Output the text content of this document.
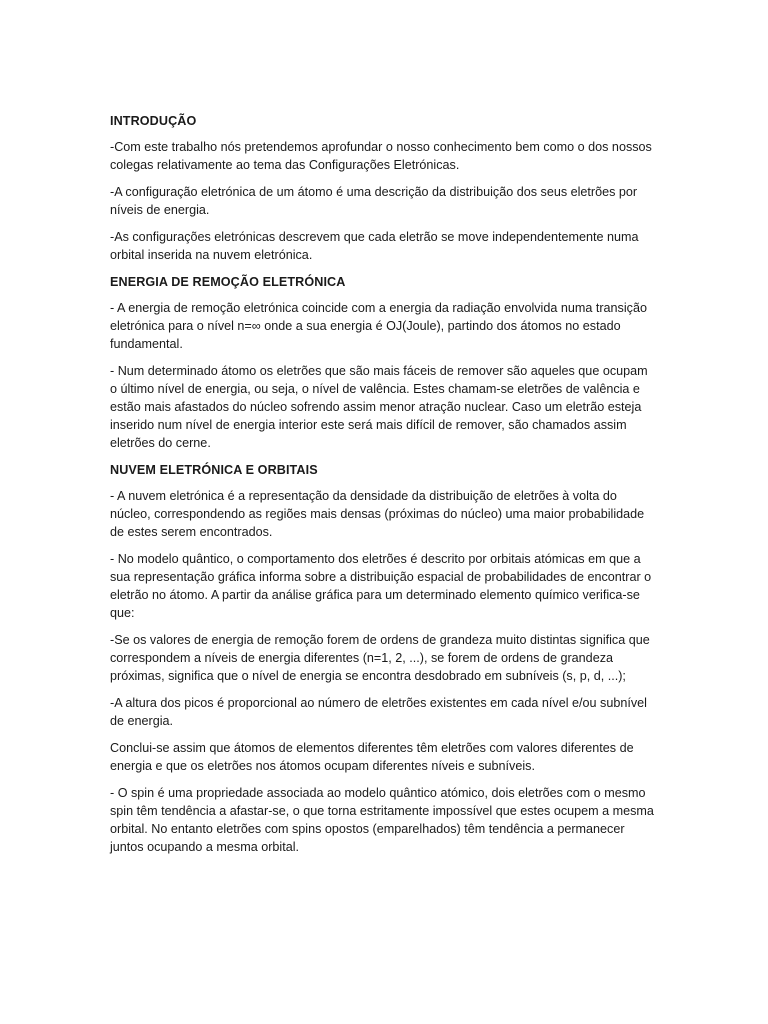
INTRODUÇÃO

-Com este trabalho nós pretendemos aprofundar o nosso conhecimento bem como o dos nossos colegas relativamente ao tema das Configurações Eletrónicas.

-A configuração eletrónica de um átomo é uma descrição da distribuição dos seus eletrões por níveis de energia.

-As configurações eletrónicas descrevem que cada eletrão se move independentemente numa orbital inserida na nuvem eletrónica.

ENERGIA DE REMOÇÃO ELETRÓNICA

- A energia de remoção eletrónica coincide com a energia da radiação envolvida numa transição eletrónica para o nível n=∞ onde a sua energia é OJ(Joule), partindo dos átomos no estado fundamental.

- Num determinado átomo os eletrões que são mais fáceis de remover são aqueles que ocupam o último nível de energia, ou seja, o nível de valência. Estes chamam-se eletrões de valência e estão mais afastados do núcleo sofrendo assim menor atração nuclear. Caso um eletrão esteja inserido num nível de energia interior este será mais difícil de remover, são chamados assim eletrões do cerne.

NUVEM ELETRÓNICA E ORBITAIS

- A nuvem eletrónica é a representação da densidade da distribuição de eletrões à volta do núcleo, correspondendo as regiões mais densas (próximas do núcleo) uma maior probabilidade de estes serem encontrados.

- No modelo quântico, o comportamento dos eletrões é descrito por orbitais atómicas em que a sua representação gráfica informa sobre a distribuição espacial de probabilidades de encontrar o eletrão no átomo. A partir da análise gráfica para um determinado elemento químico verifica-se que:

-Se os valores de energia de remoção forem de ordens de grandeza muito distintas significa que correspondem a níveis de energia diferentes (n=1, 2, ...), se forem de ordens de grandeza próximas, significa que o nível de energia se encontra desdobrado em subníveis (s, p, d, ...);

-A altura dos picos é proporcional ao número de eletrões existentes em cada nível e/ou subnível de energia.

Conclui-se assim que átomos de elementos diferentes têm eletrões com valores diferentes de energia e que os eletrões nos átomos ocupam diferentes níveis e subníveis.

- O spin é uma propriedade associada ao modelo quântico atómico, dois eletrões com o mesmo spin têm tendência a afastar-se, o que torna estritamente impossível que estes ocupem a mesma orbital. No entanto eletrões com spins opostos (emparelhados) têm tendência a permanecer juntos ocupando a mesma orbital.
